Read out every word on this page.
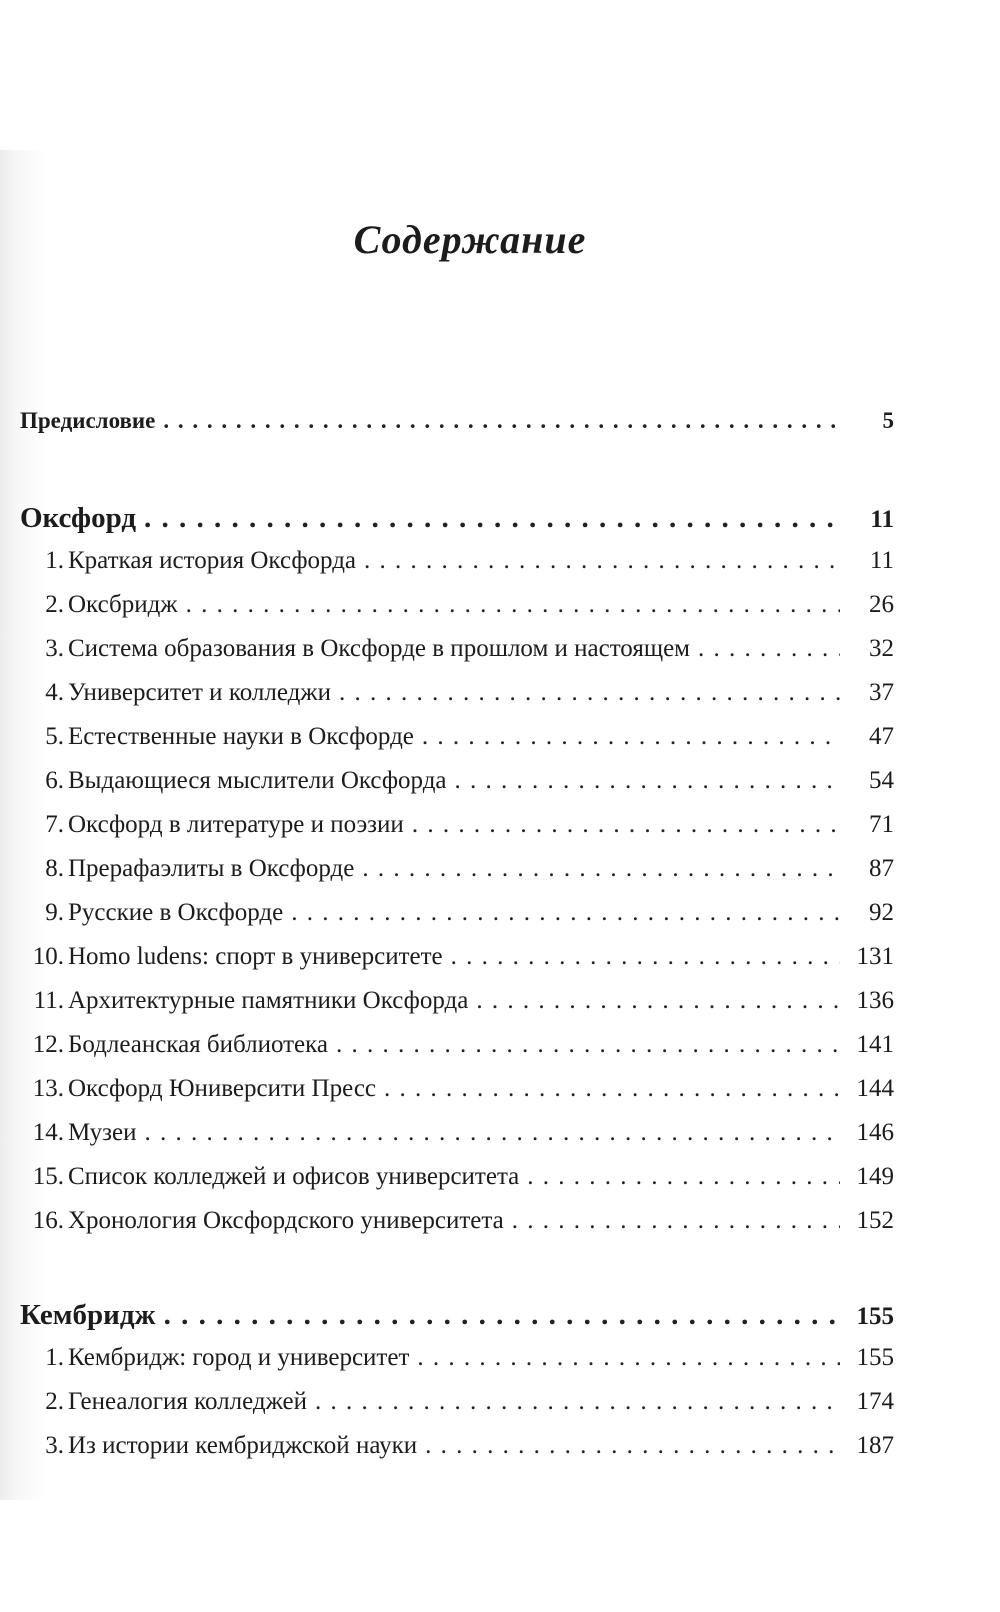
Содержание
Предисловие . . .	5
Оксфорд . . .	11
1. Краткая история Оксфорда . . .	11
2. Оксбридж . . .	26
3. Система образования в Оксфорде в прошлом и настоящем . . .	32
4. Университет и колледжи . . .	37
5. Естественные науки в Оксфорде . . .	47
6. Выдающиеся мыслители Оксфорда . . .	54
7. Оксфорд в литературе и поэзии . . .	71
8. Прерафаэлиты в Оксфорде . . .	87
9. Русские в Оксфорде . . .	92
10. Homo ludens: спорт в университете . . .	131
11. Архитектурные памятники Оксфорда . . .	136
12. Бодлеанская библиотека . . .	141
13. Оксфорд Юниверсити Пресс . . .	144
14. Музеи . . .	146
15. Список колледжей и офисов университета . . .	149
16. Хронология Оксфордского университета . . .	152
Кембридж . . .	155
1. Кембридж: город и университет . . .	155
2. Генеалогия колледжей . . .	174
3. Из истории кембриджской науки . . .	187
